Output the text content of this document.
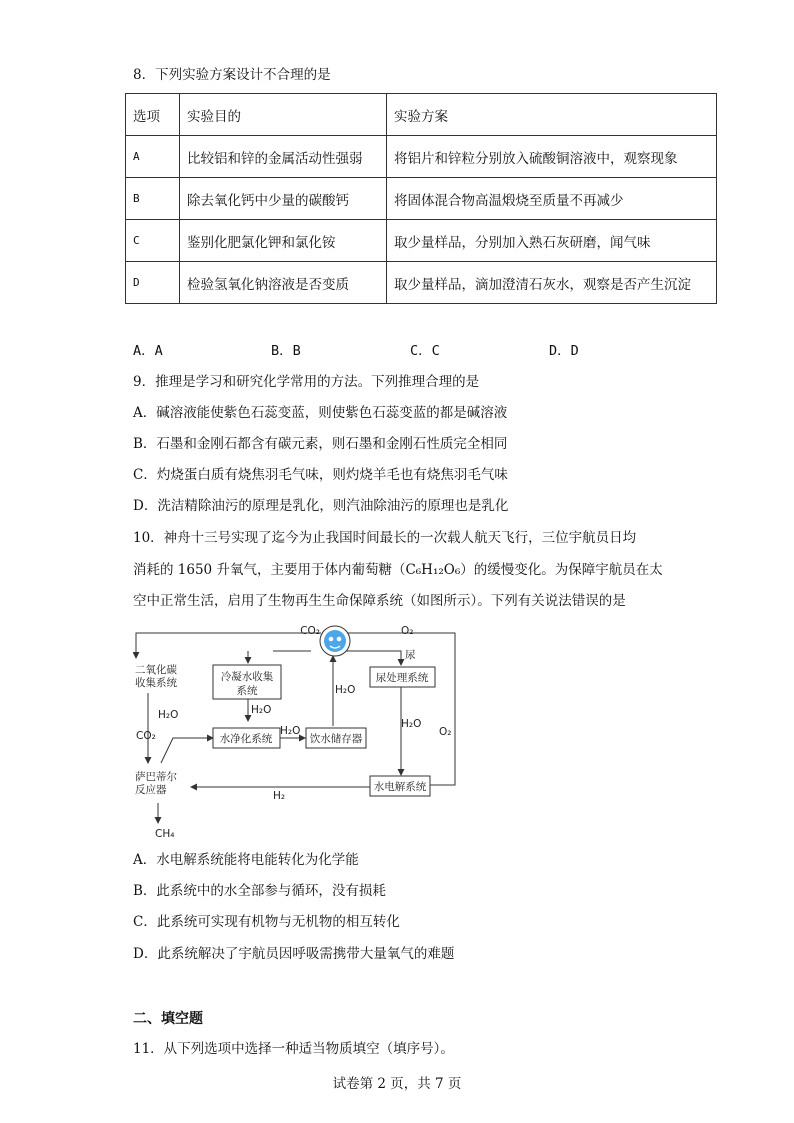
8．下列实验方案设计不合理的是
选项	实验目的	实验方案
A	比较铝和锌的金属活动性强弱	将铝片和锌粒分别放入硫酸铜溶液中，观察现象
B	除去氧化钙中少量的碳酸钙	将固体混合物高温煅烧至质量不再减少
C	鉴别化肥氯化钾和氯化铵	取少量样品，分别加入熟石灰研磨，闻气味
D	检验氢氧化钠溶液是否变质	取少量样品，滴加澄清石灰水，观察是否产生沉淀
A．A	B．B	C．C	D．D
9．推理是学习和研究化学常用的方法。下列推理合理的是
A．碱溶液能使紫色石蕊变蓝，则使紫色石蕊变蓝的都是碱溶液
B．石墨和金刚石都含有碳元素，则石墨和金刚石性质完全相同
C．灼烧蛋白质有烧焦羽毛气味，则灼烧羊毛也有烧焦羽毛气味
D．洗洁精除油污的原理是乳化，则汽油除油污的原理也是乳化
10．神舟十三号实现了迄今为止我国时间最长的一次载人航天飞行，三位宇航员日均
消耗的 1650 升氧气，主要用于体内葡萄糖（C₆H₁₂O₆）的缓慢变化。为保障宇航员在太
空中正常生活，启用了生物再生生命保障系统（如图所示）。下列有关说法错误的是
CO₂	O₂
尿
二氧化碳
收集系统	冷凝水收集
系统
水净化系统	饮水储存器
尿处理系统
水电解系统
萨巴蒂尔
反应器
H₂O
CO₂
H₂O
H₂O
H₂O
H₂O
O₂
H₂
CH₄
A．水电解系统能将电能转化为化学能
B．此系统中的水全部参与循环，没有损耗
C．此系统可实现有机物与无机物的相互转化
D．此系统解决了宇航员因呼吸需携带大量氧气的难题
二、填空题
11．从下列选项中选择一种适当物质填空（填序号）。
试卷第 2 页，共 7 页
